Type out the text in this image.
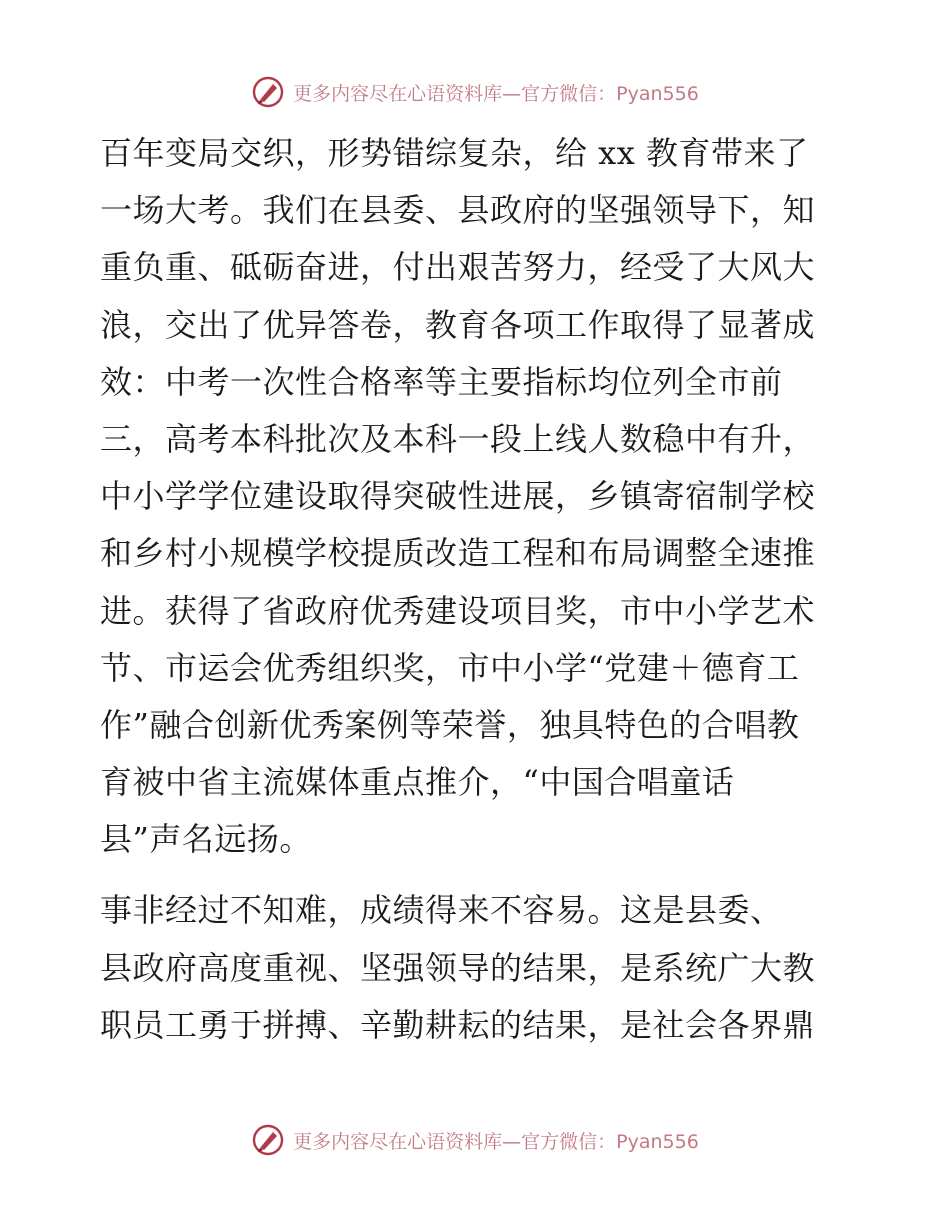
更多内容尽在心语资料库—官方微信：Pyan556

百年变局交织，形势错综复杂，给 xx 教育带来了
一场大考。我们在县委、县政府的坚强领导下，知
重负重、砥砺奋进，付出艰苦努力，经受了大风大
浪，交出了优异答卷，教育各项工作取得了显著成
效：中考一次性合格率等主要指标均位列全市前
三，高考本科批次及本科一段上线人数稳中有升，
中小学学位建设取得突破性进展，乡镇寄宿制学校
和乡村小规模学校提质改造工程和布局调整全速推
进。获得了省政府优秀建设项目奖，市中小学艺术
节、市运会优秀组织奖，市中小学“党建＋德育工
作”融合创新优秀案例等荣誉，独具特色的合唱教
育被中省主流媒体重点推介，“中国合唱童话
县”声名远扬。

事非经过不知难，成绩得来不容易。这是县委、
县政府高度重视、坚强领导的结果，是系统广大教
职员工勇于拼搏、辛勤耕耘的结果，是社会各界鼎

更多内容尽在心语资料库—官方微信：Pyan556
